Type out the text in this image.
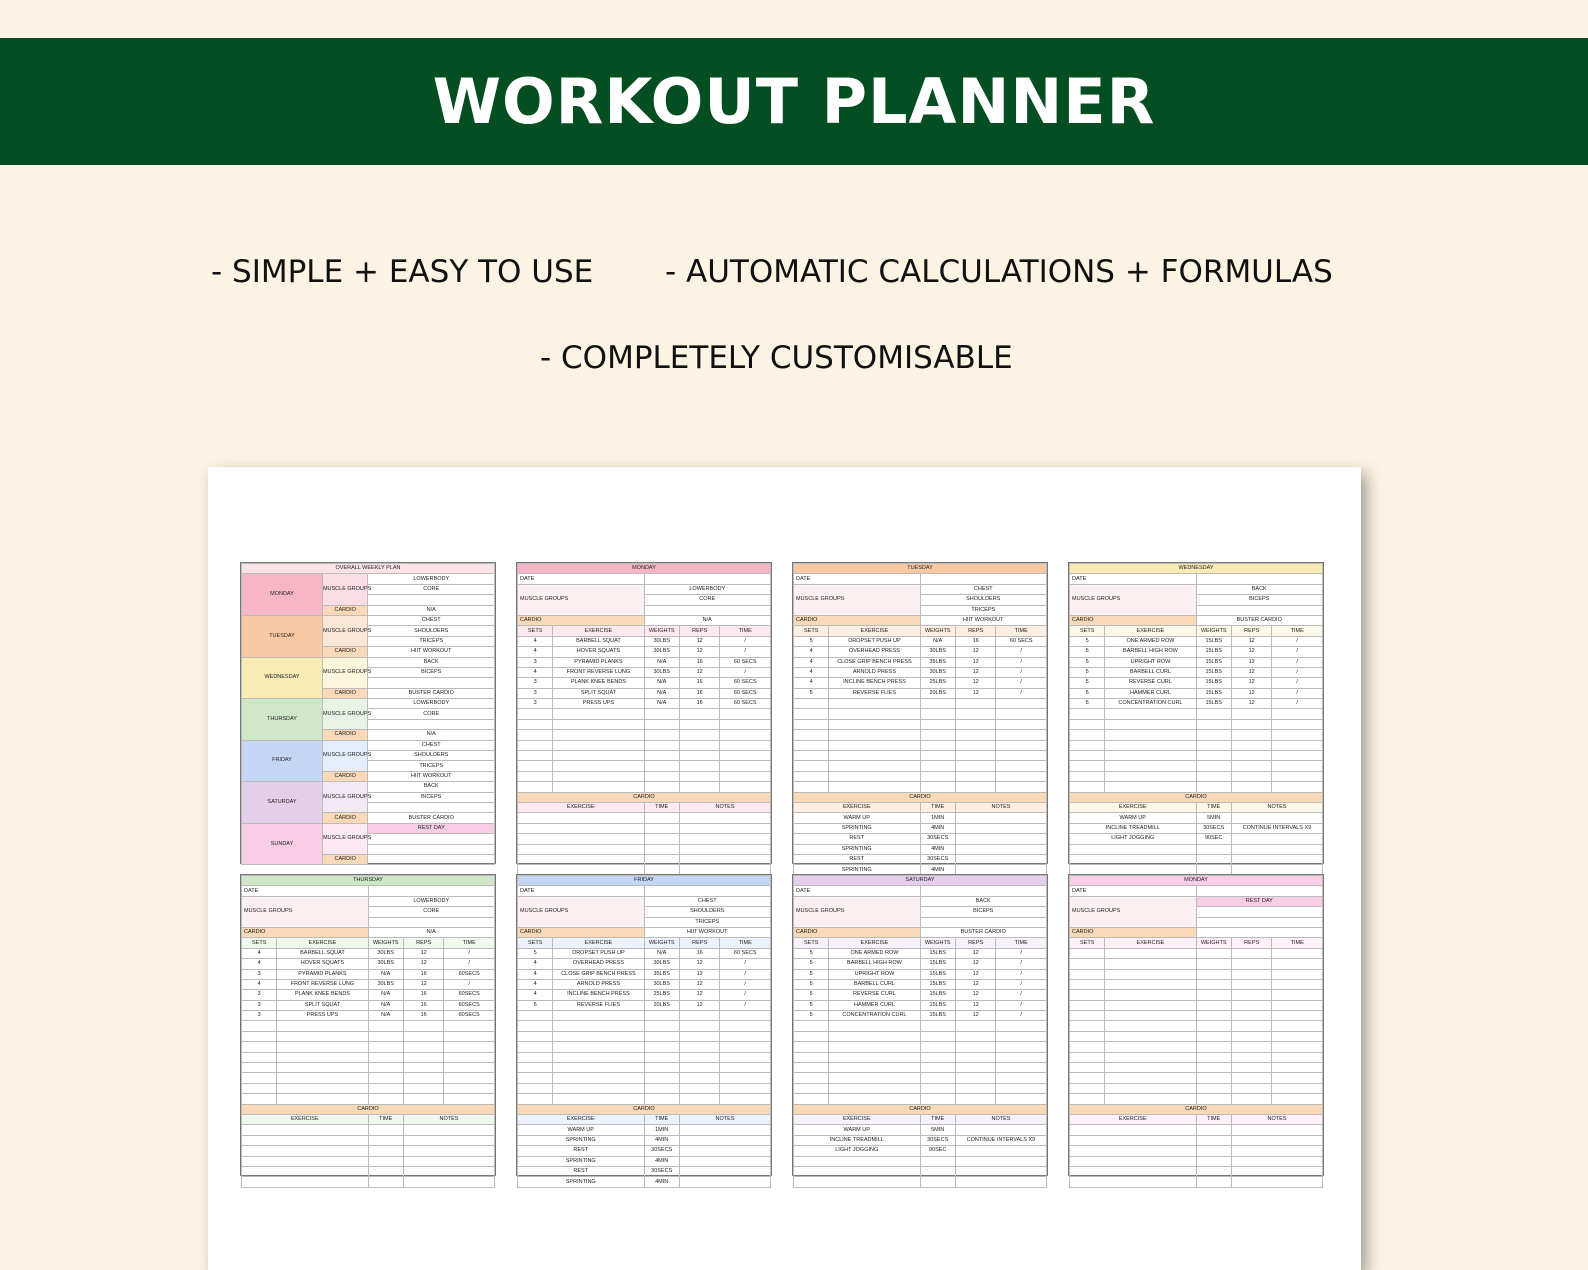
WORKOUT PLANNER
- SIMPLE + EASY TO USE - AUTOMATIC CALCULATIONS + FORMULAS
- COMPLETELY CUSTOMISABLE
OVERALL WEEKLY PLAN
MONDAY	MUSCLE GROUPS	LOWERBODY
CORE

CARDIO	N/A
TUESDAY	MUSCLE GROUPS	CHEST
SHOULDERS
TRICEPS
CARDIO	HIIT WORKOUT
WEDNESDAY	MUSCLE GROUPS	BACK
BICEPS

CARDIO	BUSTER CARDIO
THURSDAY	MUSCLE GROUPS	LOWERBODY
CORE

CARDIO	N/A
FRIDAY	MUSCLE GROUPS	CHEST
SHOULDERS
TRICEPS
CARDIO	HIIT WORKOUT
SATURDAY	MUSCLE GROUPS	BACK
BICEPS

CARDIO	BUSTER CARDIO
SUNDAY	MUSCLE GROUPS	REST DAY

CARDIO	
MONDAY
DATE	
MUSCLE GROUPS	LOWERBODY
CORE

CARDIO	N/A
SETS	EXERCISE	WEIGHTS	REPS	TIME
4	BARBELL SQUAT	30LBS	12	/
4	HOVER SQUATS	30LBS	12	/
3	PYRAMID PLANKS	N/A	16	60 SECS
4	FRONT REVERSE LUNG	30LBS	12	/
3	PLANK KNEE BENDS	N/A	16	60 SECS
3	SPLIT SQUAT	N/A	16	60 SECS
3	PRESS UPS	N/A	16	60 SECS

CARDIO
EXERCISE	TIME	NOTES

TUESDAY
DATE	
MUSCLE GROUPS	CHEST
SHOULDERS
TRICEPS
CARDIO	HIIT WORKOUT
SETS	EXERCISE	WEIGHTS	REPS	TIME
5	DROPSET PUSH UP	N/A	16	60 SECS
4	OVERHEAD PRESS	30LBS	12	/
4	CLOSE GRIP BENCH PRESS	35LBS	12	/
4	ARNOLD PRESS	30LBS	12	/
4	INCLINE BENCH PRESS	25LBS	12	/
5	REVERSE FLIES	20LBS	12	/

CARDIO
EXERCISE	TIME	NOTES
WARM UP	1MIN	
SPRINTING	4MIN	
REST	30SECS	
SPRINTING	4MIN	
REST	30SECS	
SPRINTING	4MIN	
WEDNESDAY
DATE	
MUSCLE GROUPS	BACK
BICEPS

CARDIO	BUSTER CARDIO
SETS	EXERCISE	WEIGHTS	REPS	TIME
5	ONE ARMED ROW	15LBS	12	/
5	BARBELL HIGH ROW	15LBS	12	/
5	UPRIGHT ROW	15LBS	12	/
5	BARBELL CURL	15LBS	12	/
5	REVERSE CURL	15LBS	12	/
5	HAMMER CURL	15LBS	12	/
5	CONCENTRATION CURL	15LBS	12	/

CARDIO
EXERCISE	TIME	NOTES
WARM UP	5MIN	
INCLINE TREADMILL	30SECS	CONTINUE INTERVALS X9
LIGHT JOGGING	90SEC	

THURSDAY
DATE	
MUSCLE GROUPS	LOWERBODY
CORE

CARDIO	N/A
SETS	EXERCISE	WEIGHTS	REPS	TIME
4	BARBELL SQUAT	30LBS	12	/
4	HOVER SQUATS	30LBS	12	/
3	PYRAMID PLANKS	N/A	16	60SECS
4	FRONT REVERSE LUNG	30LBS	12	/
3	PLANK KNEE BENDS	N/A	16	60SECS
3	SPLIT SQUAT	N/A	16	60SECS
3	PRESS UPS	N/A	16	60SECS

CARDIO
EXERCISE	TIME	NOTES

FRIDAY
DATE	
MUSCLE GROUPS	CHEST
SHOULDERS
TRICEPS
CARDIO	HIIT WORKOUT
SETS	EXERCISE	WEIGHTS	REPS	TIME
5	DROPSET PUSH UP	N/A	16	60 SECS
4	OVERHEAD PRESS	30LBS	12	/
4	CLOSE GRIP BENCH PRESS	35LBS	12	/
4	ARNOLD PRESS	30LBS	12	/
4	INCLINE BENCH PRESS	25LBS	12	/
5	REVERSE FLIES	20LBS	12	/

CARDIO
EXERCISE	TIME	NOTES
WARM UP	1MIN	
SPRINTING	4MIN	
REST	30SECS	
SPRINTING	4MIN	
REST	30SECS	
SPRINTING	4MIN	
SATURDAY
DATE	
MUSCLE GROUPS	BACK
BICEPS

CARDIO	BUSTER CARDIO
SETS	EXERCISE	WEIGHTS	REPS	TIME
5	ONE ARMED ROW	15LBS	12	/
5	BARBELL HIGH ROW	15LBS	12	/
5	UPRIGHT ROW	15LBS	12	/
5	BARBELL CURL	15LBS	12	/
5	REVERSE CURL	15LBS	12	/
5	HAMMER CURL	15LBS	12	/
5	CONCENTRATION CURL	15LBS	12	/

CARDIO
EXERCISE	TIME	NOTES
WARM UP	5MIN	
INCLINE TREADMILL	30SECS	CONTINUE INTERVALS X9
LIGHT JOGGING	90SEC	

MONDAY
DATE	
MUSCLE GROUPS	REST DAY

CARDIO	
SETS	EXERCISE	WEIGHTS	REPS	TIME

CARDIO
EXERCISE	TIME	NOTES
